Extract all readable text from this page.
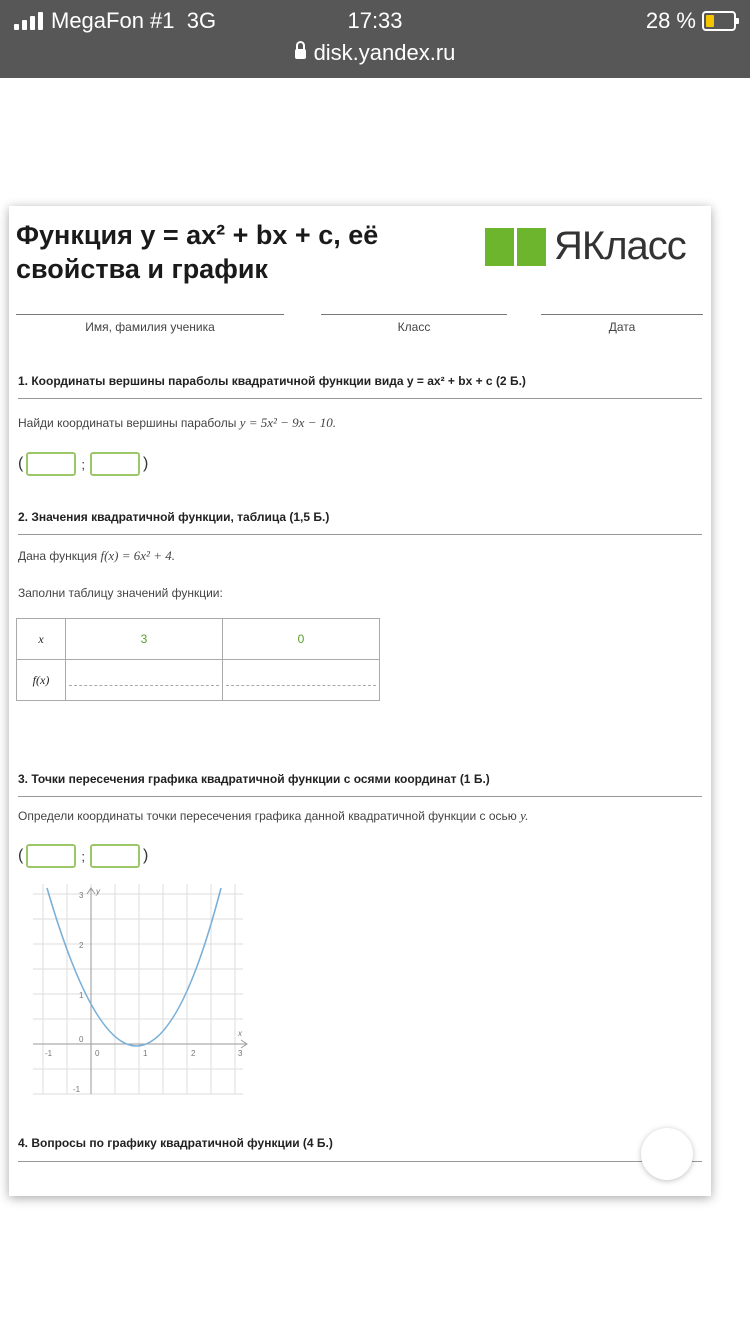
MegaFon #1
3G	17:33	28 %
disk.yandex.ru
Функция y = ax² + bx + c, её свойства и график
ЯКласс
Имя, фамилия ученика	Класс	Дата
1. Координаты вершины параболы квадратичной функции вида y = ax² + bx + c (2 Б.)
Найди координаты вершины параболы y = 5x² − 9x − 10.
(	;	)
2. Значения квадратичной функции, таблица (1,5 Б.)
Дана функция f(x) = 6x² + 4.
Заполни таблицу значений функции:
x	3	0
f(x)		
3. Точки пересечения графика квадратичной функции с осями координат (1 Б.)
Определи координаты точки пересечения графика данной квадратичной функции с осью y.
(	;	)
y
x
3
2
1
0
-1
-1	0	1	2	3
4. Вопросы по графику квадратичной функции (4 Б.)
